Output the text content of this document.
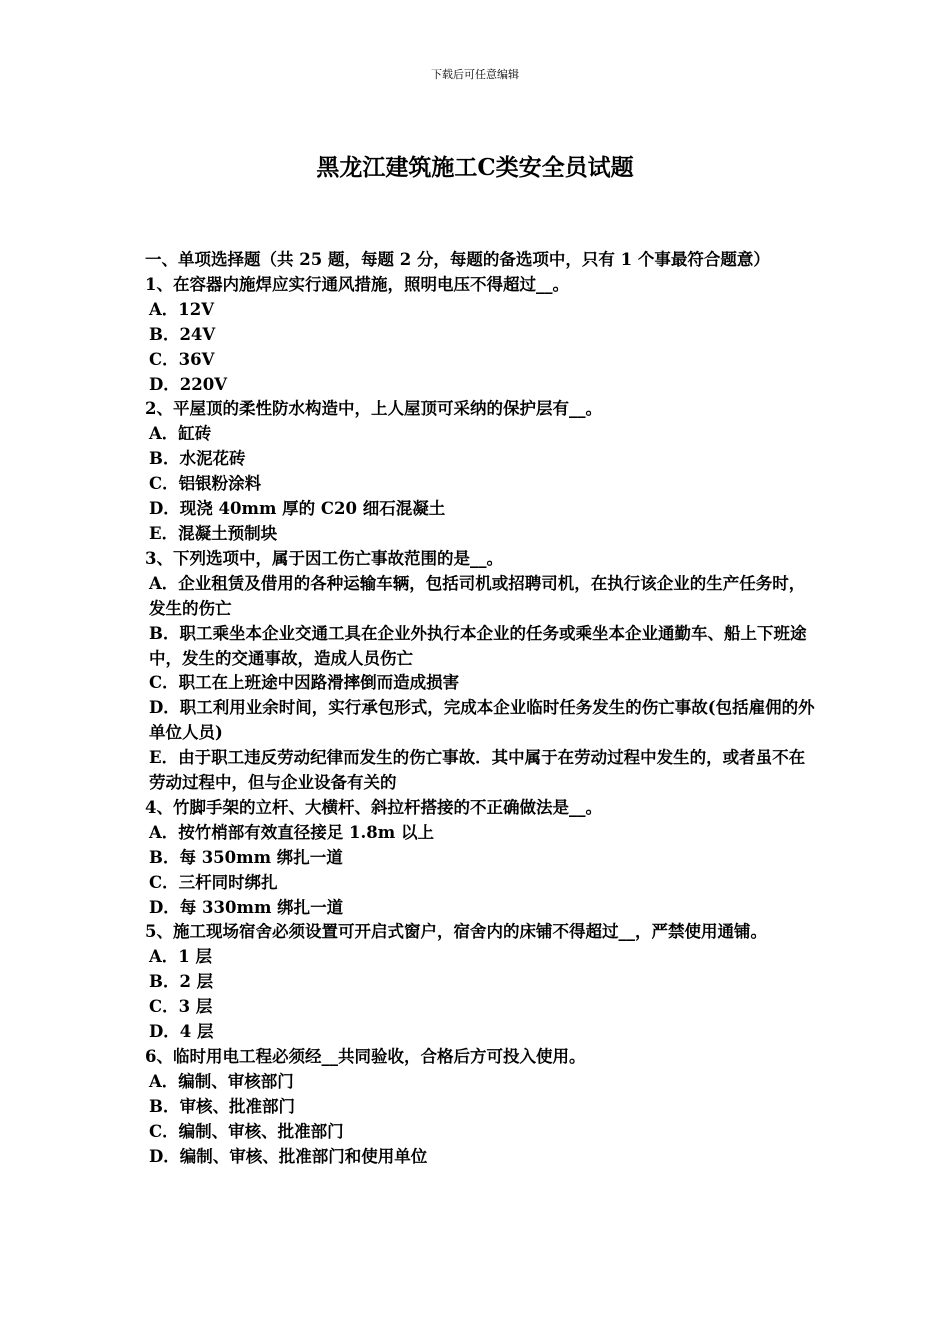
下载后可任意编辑
黑龙江建筑施工C类安全员试题

一、单项选择题（共 25 题，每题 2 分，每题的备选项中，只有 1 个事最符合题意）

1、在容器内施焊应实行通风措施，照明电压不得超过__。

A．12V

B．24V

C．36V

D．220V

2、平屋顶的柔性防水构造中，上人屋顶可采纳的保护层有__。

A．缸砖

B．水泥花砖

C．铝银粉涂料

D．现浇 40mm 厚的 C20 细石混凝土

E．混凝土预制块

3、下列选项中，属于因工伤亡事故范围的是__。

A．企业租赁及借用的各种运输车辆，包括司机或招聘司机，在执行该企业的生产任务时，发生的伤亡

B．职工乘坐本企业交通工具在企业外执行本企业的任务或乘坐本企业通勤车、船上下班途中，发生的交通事故，造成人员伤亡

C．职工在上班途中因路滑摔倒而造成损害

D．职工利用业余时间，实行承包形式，完成本企业临时任务发生的伤亡事故(包括雇佣的外单位人员)

E．由于职工违反劳动纪律而发生的伤亡事故．其中属于在劳动过程中发生的，或者虽不在劳动过程中，但与企业设备有关的

4、竹脚手架的立杆、大横杆、斜拉杆搭接的不正确做法是__。

A．按竹梢部有效直径接足 1.8m 以上

B．每 350mm 绑扎一道

C．三杆同时绑扎

D．每 330mm 绑扎一道

5、施工现场宿舍必须设置可开启式窗户，宿舍内的床铺不得超过__，严禁使用通铺。

A．1 层

B．2 层

C．3 层

D．4 层

6、临时用电工程必须经__共同验收，合格后方可投入使用。

A．编制、审核部门

B．审核、批准部门

C．编制、审核、批准部门

D．编制、审核、批准部门和使用单位
